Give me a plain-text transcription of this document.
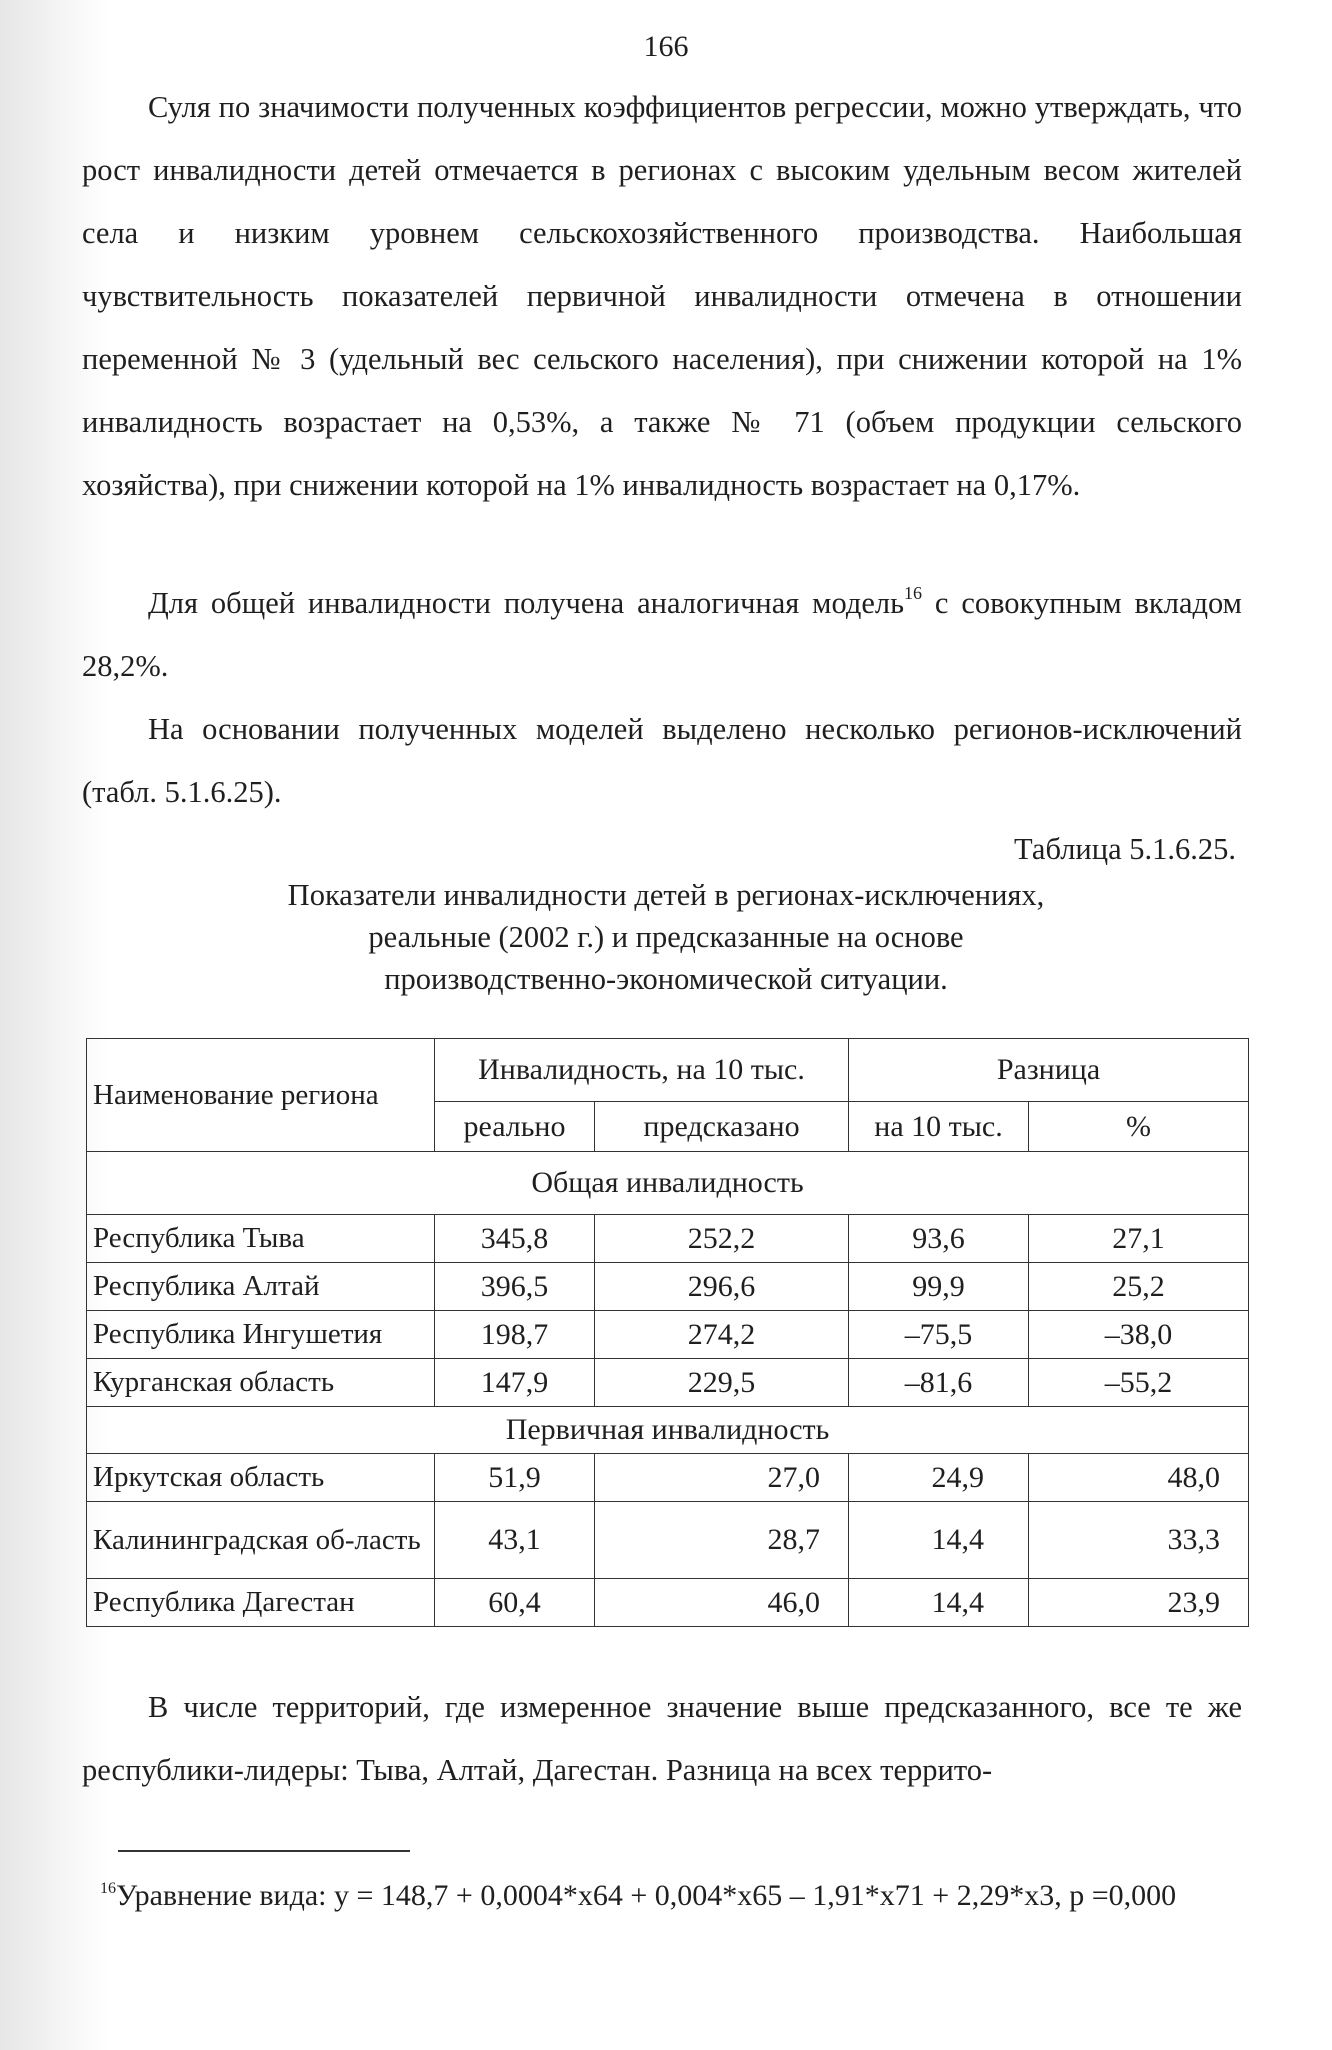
166
Суля по значимости полученных коэффициентов регрессии, можно утверждать, что рост инвалидности детей отмечается в регионах с высоким удельным весом жителей села и низким уровнем сельскохозяйственного производства. Наибольшая чувствительность показателей первичной инвалидности отмечена в отношении переменной № 3 (удельный вес сельского населения), при снижении которой на 1% инвалидность возрастает на 0,53%, а также № 71 (объем продукции сельского хозяйства), при снижении которой на 1% инвалидность возрастает на 0,17%.
Для общей инвалидности получена аналогичная модель$^{16}$ с совокупным вкладом 28,2%.
На основании полученных моделей выделено несколько регионов-исключений (табл. 5.1.6.25).
Таблица 5.1.6.25.
Показатели инвалидности детей в регионах-исключениях,
реальные (2002 г.) и предсказанные на основе
производственно-экономической ситуации.
Наименование региона	Инвалидность, на 10 тыс.		Разница	
	реально	предсказано	на 10 тыс.	%
Общая инвалидность				
Республика Тыва	345,8	252,2	93,6	27,1
Республика Алтай	396,5	296,6	99,9	25,2
Республика Ингушетия	198,7	274,2	–75,5	–38,0
Курганская область	147,9	229,5	–81,6	–55,2
Первичная инвалидность				
Иркутская область	51,9	27,0	24,9	48,0
Калининградская об-ласть	43,1	28,7	14,4	33,3
Республика Дагестан	60,4	46,0	14,4	23,9
В числе территорий, где измеренное значение выше предсказанного, все те же республики-лидеры: Тыва, Алтай, Дагестан. Разница на всех террито-
$^{16}$Уравнение вида: y = 148,7 + 0,0004*x64 + 0,004*x65 – 1,91*x71 + 2,29*x3, p =0,000
